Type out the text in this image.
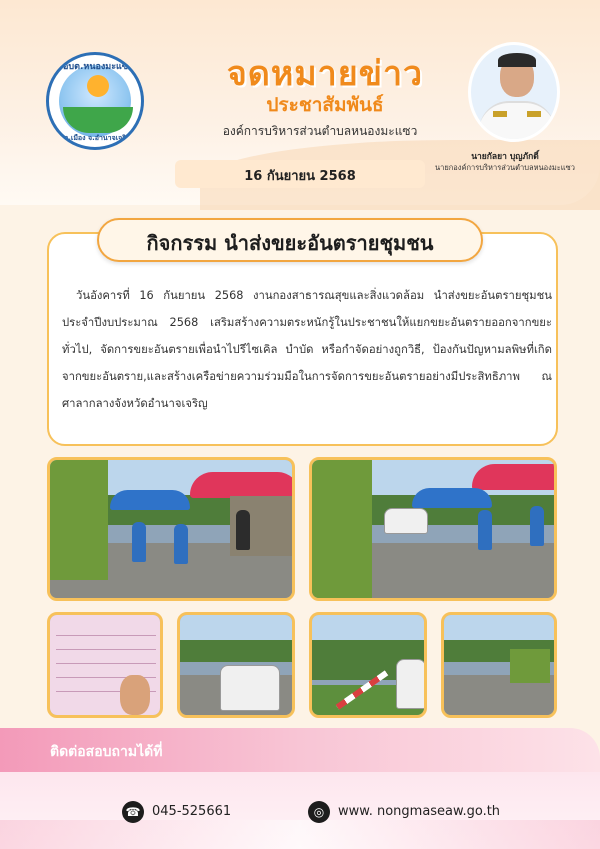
อบต.หนองมะแซว
อ.เมือง จ.อำนาจเจริญ
จดหมายข่าว
ประชาสัมพันธ์
องค์การบริหารส่วนตำบลหนองมะแซว
16 กันยายน 2568
นายกัลยา บุญภักดิ์
นายกองค์การบริหารส่วนตำบลหนองมะแซว
กิจกรรม นำส่งขยะอันตรายชุมชน
วันอังคารที่ 16 กันยายน 2568 งานกองสาธารณสุขและสิ่งแวดล้อม นำส่งขยะอันตรายชุมชน ประจำปีงบประมาณ 2568 เสริมสร้างความตระหนักรู้ในประชาชนให้แยกขยะอันตรายออกจากขยะทั่วไป, จัดการขยะอันตรายเพื่อนำไปรีไซเคิล บำบัด หรือกำจัดอย่างถูกวิธี, ป้องกันปัญหามลพิษที่เกิดจากขยะอันตราย,และสร้างเครือข่ายความร่วมมือในการจัดการขยะอันตรายอย่างมีประสิทธิภาพ ณ ศาลากลางจังหวัดอำนาจเจริญ
ติดต่อสอบถามได้ที่
☎ 045-525661	◎	www. nongmaseaw.go.th
